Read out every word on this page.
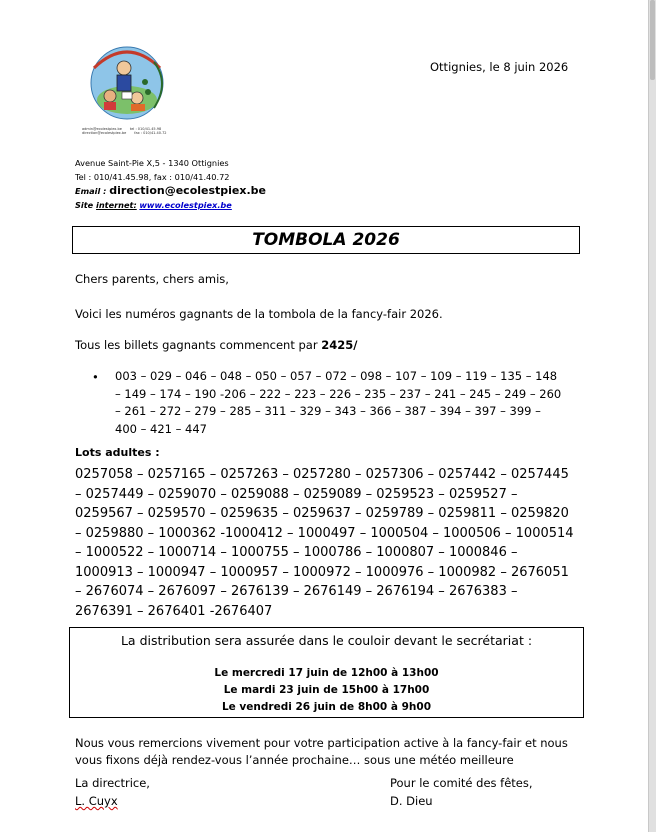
admin@ecolestpiex.be tel : 010/41.45.98
direction@ecolestpiex.be fax : 010/41.40.72
Ottignies, le 8 juin 2026
Avenue Saint-Pie X,5 - 1340 Ottignies
Tel : 010/41.45.98, fax : 010/41.40.72
Email : direction@ecolestpiex.be
Site internet: www.ecolestpiex.be
TOMBOLA 2026
Chers parents, chers amis,
Voici les numéros gagnants de la tombola de la fancy-fair 2026.
Tous les billets gagnants commencent par 2425/
• 003 – 029 – 046 – 048 – 050 – 057 – 072 – 098 – 107 – 109 – 119 – 135 – 148 – 149 – 174 – 190 -206 – 222 – 223 – 226 – 235 – 237 – 241 – 245 – 249 – 260 – 261 – 272 – 279 – 285 – 311 – 329 – 343 – 366 – 387 – 394 – 397 – 399 – 400 – 421 – 447
Lots adultes :
0257058 – 0257165 – 0257263 – 0257280 – 0257306 – 0257442 – 0257445 – 0257449 – 0259070 – 0259088 – 0259089 – 0259523 – 0259527 – 0259567 – 0259570 – 0259635 – 0259637 – 0259789 – 0259811 – 0259820 – 0259880 – 1000362 -1000412 – 1000497 – 1000504 – 1000506 – 1000514 – 1000522 – 1000714 – 1000755 – 1000786 – 1000807 – 1000846 – 1000913 – 1000947 – 1000957 – 1000972 – 1000976 – 1000982 – 2676051 – 2676074 – 2676097 – 2676139 – 2676149 – 2676194 – 2676383 – 2676391 – 2676401 -2676407
La distribution sera assurée dans le couloir devant le secrétariat :
Le mercredi 17 juin de 12h00 à 13h00
Le mardi 23 juin de 15h00 à 17h00
Le vendredi 26 juin de 8h00 à 9h00
Nous vous remercions vivement pour votre participation active à la fancy-fair et nous vous fixons déjà rendez-vous l’année prochaine… sous une météo meilleure
La directrice,
L. Cuyx
Pour le comité des fêtes,
D. Dieu
